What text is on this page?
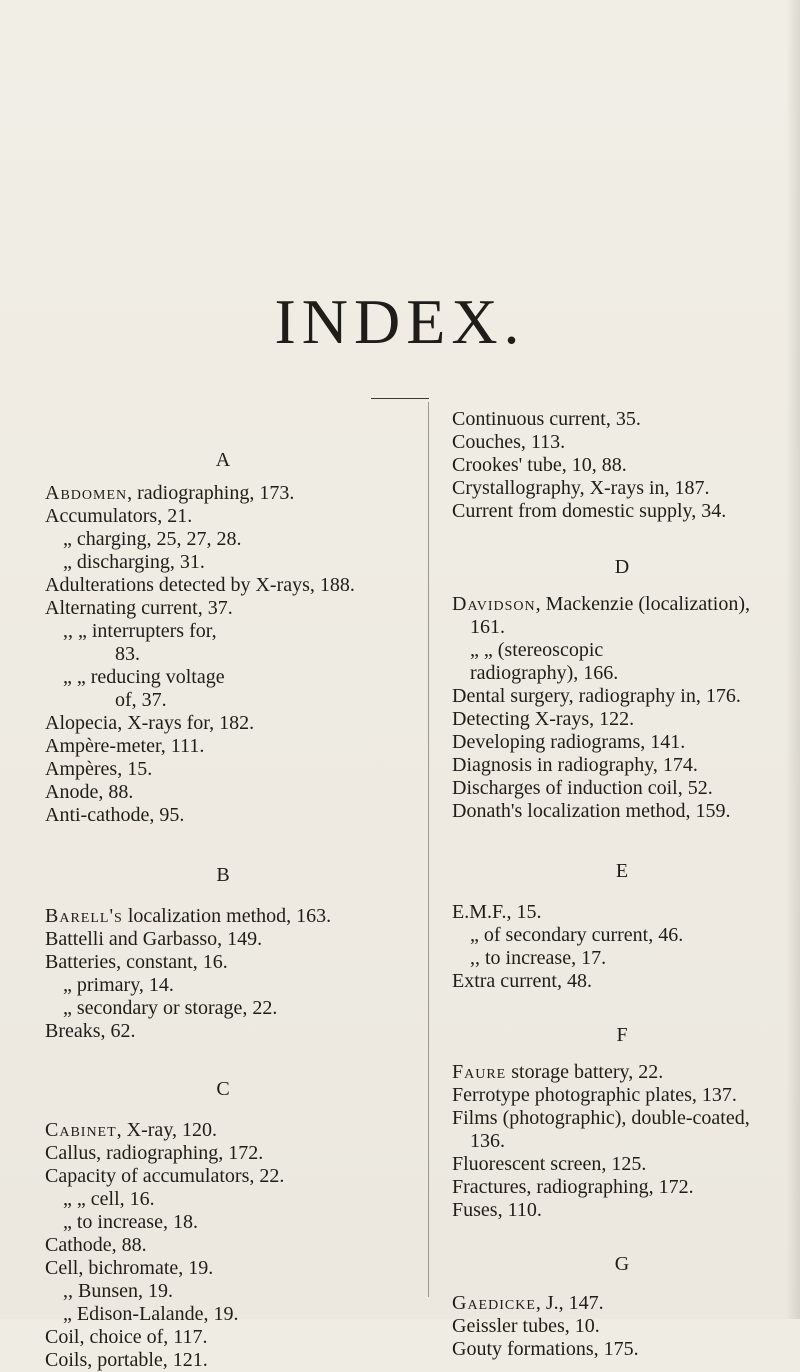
INDEX.

A

Abdomen, radiographing, 173.

Accumulators, 21.

„ charging, 25, 27, 28.

„ discharging, 31.

Adulterations detected by X-rays, 188.

Alternating current, 37.

,, „ interrupters for,

83.

„ „ reducing voltage

of, 37.

Alopecia, X-rays for, 182.

Ampère-meter, 111.

Ampères, 15.

Anode, 88.

Anti-cathode, 95.

B

Barell's localization method, 163.

Battelli and Garbasso, 149.

Batteries, constant, 16.

„ primary, 14.

„ secondary or storage, 22.

Breaks, 62.

C

Cabinet, X-ray, 120.

Callus, radiographing, 172.

Capacity of accumulators, 22.

„ „ cell, 16.

„ to increase, 18.

Cathode, 88.

Cell, bichromate, 19.

,, Bunsen, 19.

„ Edison-Lalande, 19.

Coil, choice of, 117.

Coils, portable, 121.

Continuous current, 35.

Couches, 113.

Crookes' tube, 10, 88.

Crystallography, X-rays in, 187.

Current from domestic supply, 34.

D

Davidson, Mackenzie (localization),

161.

„ „ (stereoscopic

radiography), 166.

Dental surgery, radiography in, 176.

Detecting X-rays, 122.

Developing radiograms, 141.

Diagnosis in radiography, 174.

Discharges of induction coil, 52.

Donath's localization method, 159.

E

E.M.F., 15.

„ of secondary current, 46.

,, to increase, 17.

Extra current, 48.

F

Faure storage battery, 22.

Ferrotype photographic plates, 137.

Films (photographic), double-coated,

136.

Fluorescent screen, 125.

Fractures, radiographing, 172.

Fuses, 110.

G

Gaedicke, J., 147.

Geissler tubes, 10.

Gouty formations, 175.
